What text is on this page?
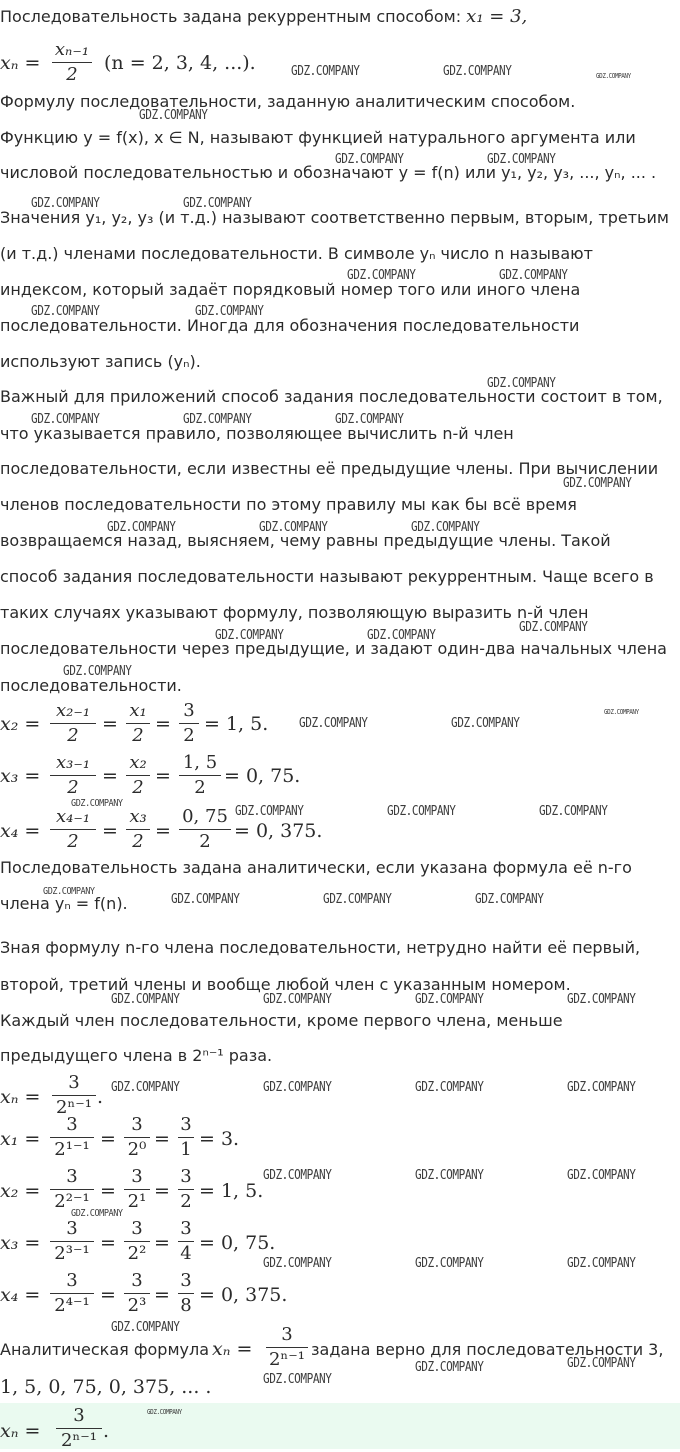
Последовательность задана рекуррентным способом: x₁ = 3,
xₙ =
xₙ₋₁
2
(n = 2, 3, 4, ...).
Формулу последовательности, заданную аналитическим способом.
Функцию y = f(x), x ∈ N, называют функцией натурального аргумента или
числовой последовательностью и обозначают y = f(n) или y₁, y₂, y₃, ..., yₙ, ... .
Значения y₁, y₂, y₃ (и т.д.) называют соответственно первым, вторым, третьим
(и т.д.) членами последовательности. В символе yₙ число n называют
индексом, который задаёт порядковый номер того или иного члена
последовательности. Иногда для обозначения последовательности
используют запись (yₙ).
Важный для приложений способ задания последовательности состоит в том,
что указывается правило, позволяющее вычислить n-й член
последовательности, если известны её предыдущие члены. При вычислении
членов последовательности по этому правилу мы как бы всё время
возвращаемся назад, выясняем, чему равны предыдущие члены. Такой
способ задания последовательности называют рекуррентным. Чаще всего в
таких случаях указывают формулу, позволяющую выразить n-й член
последовательности через предыдущие, и задают один-два начальных члена
последовательности.
x₂ =
x₂₋₁
2
=
x₁
2
=
3
2
= 1, 5.
x₃ =
x₃₋₁
2
=
x₂
2
=
1, 5
2
= 0, 75.
x₄ =
x₄₋₁
2	=
x₃
2 =
0, 75
2	= 0, 375.
Последовательность задана аналитически, если указана формула её n-го
члена yₙ = f(n).
Зная формулу n-го члена последовательности, нетрудно найти её первый,
второй, третий члены и вообще любой член с указанным номером.
Каждый член последовательности, кроме первого члена, меньше
предыдущего члена в 2ⁿ⁻¹ раза.
xₙ =
3
2ⁿ⁻¹ .
x₁ =
3
2¹⁻¹ =
3
2⁰ =
3
1 = 3.
x₂ =
3
2²⁻¹ =
3
2¹ =
3
2 = 1, 5.
x₃ =
3
2³⁻¹ =
3
2² =
3
4 = 0, 75.
x₄ =
3
2⁴⁻¹ =
3
2³ =
3
8 = 0, 375.
Аналитическая формула xₙ =
3
2ⁿ⁻¹ задана верно для последовательности 3,
1, 5, 0, 75, 0, 375, ... .
xₙ =
3
2ⁿ⁻¹ .
GDZ.COMPANY	GDZ.COMPANY	GDZ.COMPANY
GDZ.COMPANY
GDZ.COMPANY	GDZ.COMPANY
GDZ.COMPANY	GDZ.COMPANY
GDZ.COMPANY	GDZ.COMPANY
GDZ.COMPANY	GDZ.COMPANY
GDZ.COMPANY
GDZ.COMPANY	GDZ.COMPANY	GDZ.COMPANY
GDZ.COMPANY
GDZ.COMPANY	GDZ.COMPANY	GDZ.COMPANY
GDZ.COMPANY
GDZ.COMPANY	GDZ.COMPANY
GDZ.COMPANY
GDZ.COMPANY	GDZ.COMPANY
GDZ.COMPANY
GDZ.COMPANY
GDZ.COMPANY	GDZ.COMPANY	GDZ.COMPANY
GDZ.COMPANY
GDZ.COMPANY	GDZ.COMPANY	GDZ.COMPANY
GDZ.COMPANY	GDZ.COMPANY	GDZ.COMPANY	GDZ.COMPANY
GDZ.COMPANY	GDZ.COMPANY	GDZ.COMPANY	GDZ.COMPANY
GDZ.COMPANY	GDZ.COMPANY	GDZ.COMPANY
GDZ.COMPANY
GDZ.COMPANY	GDZ.COMPANY	GDZ.COMPANY
GDZ.COMPANY
GDZ.COMPANY
GDZ.COMPANY
GDZ.COMPANY
GDZ.COMPANY
